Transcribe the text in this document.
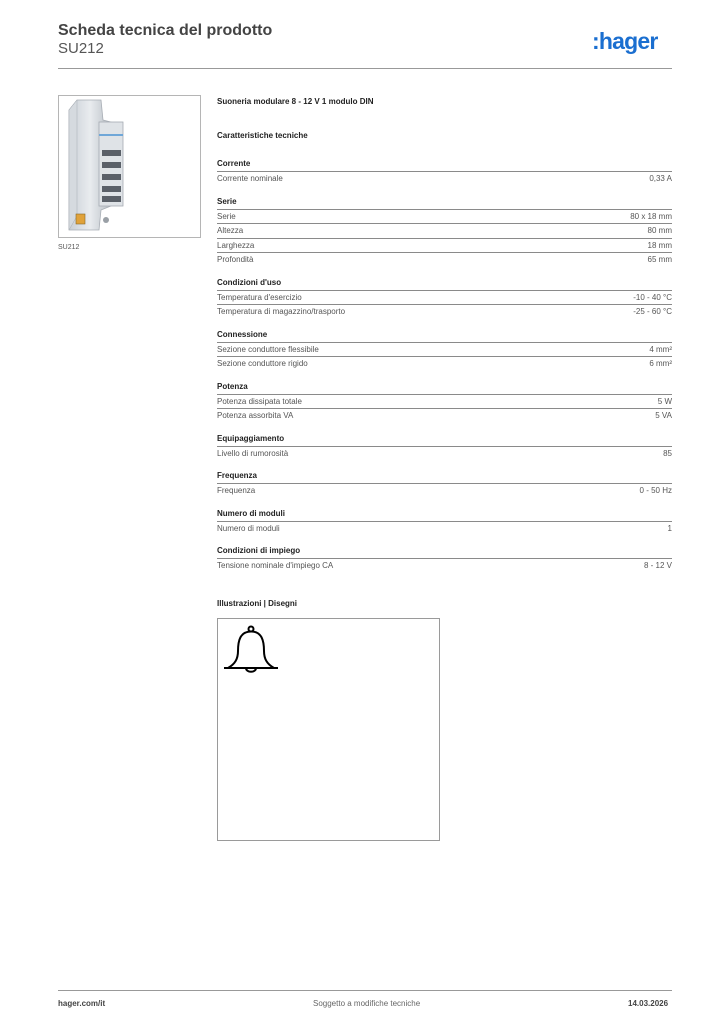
Scheda tecnica del prodotto
SU212	:hager
SU212
Suoneria modulare 8 - 12 V 1 modulo DIN
Caratteristiche tecniche
Corrente
Corrente nominale	0,33 A
Serie
Serie	80 x 18 mm
Altezza	80 mm
Larghezza	18 mm
Profondità	65 mm
Condizioni d'uso
Temperatura d'esercizio	-10 - 40 °C
Temperatura di magazzino/trasporto	-25 - 60 °C
Connessione
Sezione conduttore flessibile	4 mm²
Sezione conduttore rigido	6 mm²
Potenza
Potenza dissipata totale	5 W
Potenza assorbita VA	5 VA
Equipaggiamento
Livello di rumorosità	85
Frequenza
Frequenza	0 - 50 Hz
Numero di moduli
Numero di moduli	1
Condizioni di impiego
Tensione nominale d'impiego CA	8 - 12 V
Illustrazioni | Disegni
hager.com/it	Soggetto a modifiche tecniche	14.03.2026
